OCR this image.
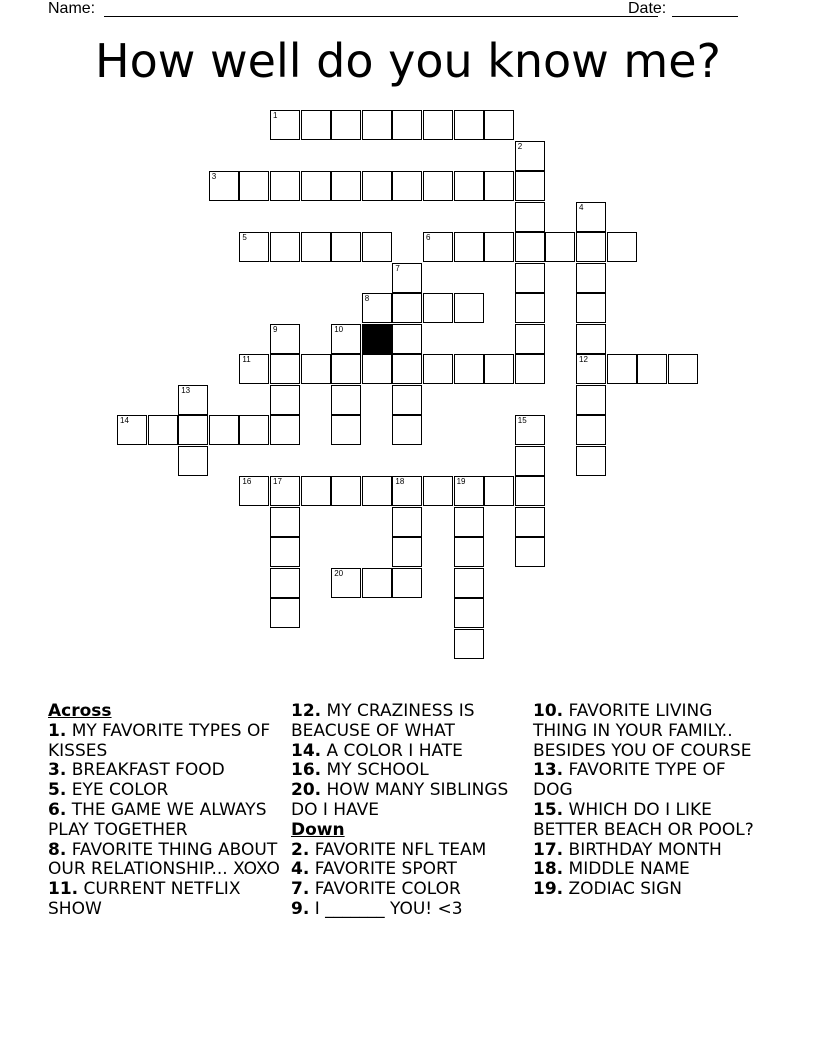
Name:	Date:
How well do you know me?
1
2
3
4
5	6
7
8
9	10
11	12
13
14	15
16	17	18	19
20
Across
1. MY FAVORITE TYPES OF KISSES
3. BREAKFAST FOOD
5. EYE COLOR
6. THE GAME WE ALWAYS PLAY TOGETHER
8. FAVORITE THING ABOUT OUR RELATIONSHIP... XOXO
11. CURRENT NETFLIX SHOW
12. MY CRAZINESS IS BEACUSE OF WHAT
14. A COLOR I HATE
16. MY SCHOOL
20. HOW MANY SIBLINGS DO I HAVE
Down
2. FAVORITE NFL TEAM
4. FAVORITE SPORT
7. FAVORITE COLOR
9. I _______ YOU! <3
10. FAVORITE LIVING THING IN YOUR FAMILY.. BESIDES YOU OF COURSE
13. FAVORITE TYPE OF DOG
15. WHICH DO I LIKE BETTER BEACH OR POOL?
17. BIRTHDAY MONTH
18. MIDDLE NAME
19. ZODIAC SIGN
